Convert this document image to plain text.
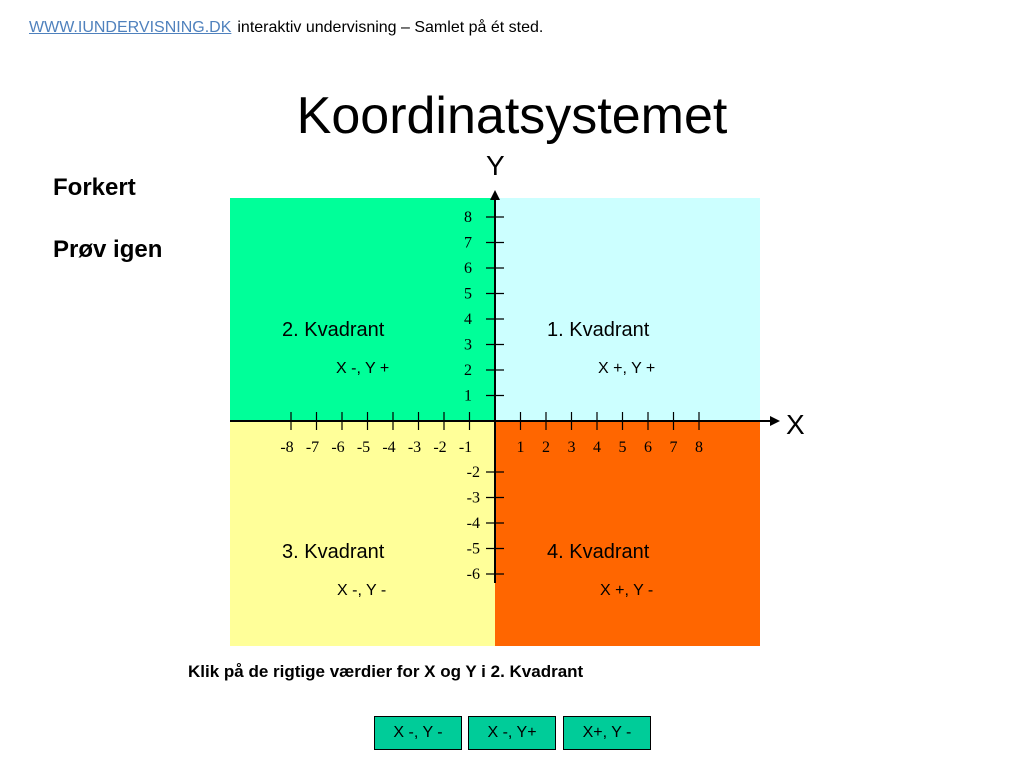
WWW.IUNDERVISNING.DK interaktiv undervisning – Samlet på ét sted.
Koordinatsystemet
Forkert
Prøv igen
-8 -7 -6 -5 -4 -3 -2 -1	1 2 3 4 5 6 7 8
8
7
6
5
4
3
2
1
-2
-3
-4
-5
-6
Y
X
2. Kvadrant
X -, Y +
1. Kvadrant
X +, Y +
3. Kvadrant
X -, Y -
4. Kvadrant
X +, Y -
Klik på de rigtige værdier for X og Y i 2. Kvadrant
X -, Y -	X -, Y+	X+, Y -
